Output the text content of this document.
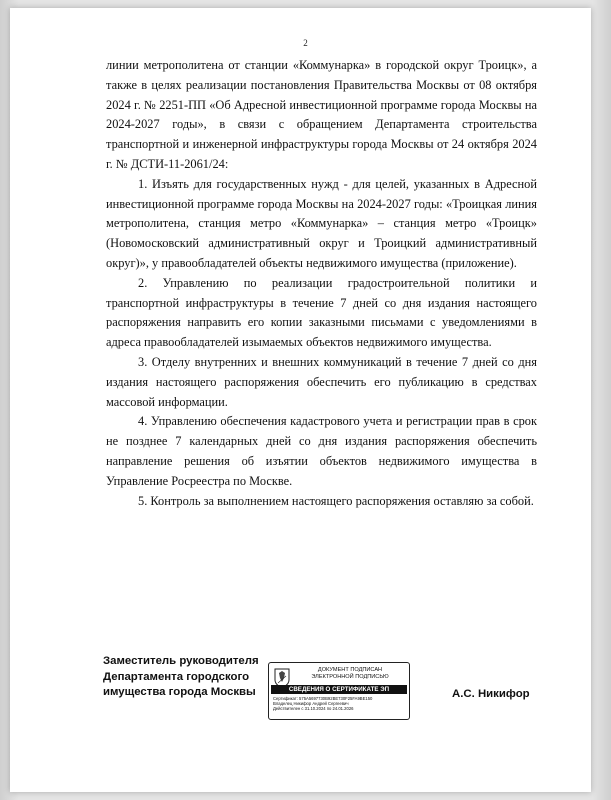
2

линии метрополитена от станции «Коммунарка» в городской округ Троицк», а также в целях реализации постановления Правительства Москвы от 08 октября 2024 г. № 2251-ПП «Об Адресной инвестиционной программе города Москвы на 2024-2027 годы», в связи с обращением Департамента строительства транспортной и инженерной инфраструктуры города Москвы от 24 октября 2024 г. № ДСТИ-11-2061/24:

1. Изъять для государственных нужд - для целей, указанных в Адресной инвестиционной программе города Москвы на 2024-2027 годы: «Троицкая линия метрополитена, станция метро «Коммунарка» – станция метро «Троицк» (Новомосковский административный округ и Троицкий административный округ)», у правообладателей объекты недвижимого имущества (приложение).

2. Управлению по реализации градостроительной политики и транспортной инфраструктуры в течение 7 дней со дня издания настоящего распоряжения направить его копии заказными письмами с уведомлениями в адреса правообладателей изымаемых объектов недвижимого имущества.

3. Отделу внутренних и внешних коммуникаций в течение 7 дней со дня издания настоящего распоряжения обеспечить его публикацию в средствах массовой информации.

4. Управлению обеспечения кадастрового учета и регистрации прав в срок не позднее 7 календарных дней со дня издания распоряжения обеспечить направление решения об изъятии объектов недвижимого имущества в Управление Росреестра по Москве.

5. Контроль за выполнением настоящего распоряжения оставляю за собой.

Заместитель руководителя
Департамента городского
имущества города Москвы
ДОКУМЕНТ ПОДПИСАН
ЭЛЕКТРОННОЙ ПОДПИСЬЮ
СВЕДЕНИЯ О СЕРТИФИКАТЕ ЭП
Сертификат: 575A5697730B92BE730F25FA9BE150
Владелец Никифор Андрей Сергеевич
Действителен с 31.10.2024 по 24.01.2026
А.С. Никифор
